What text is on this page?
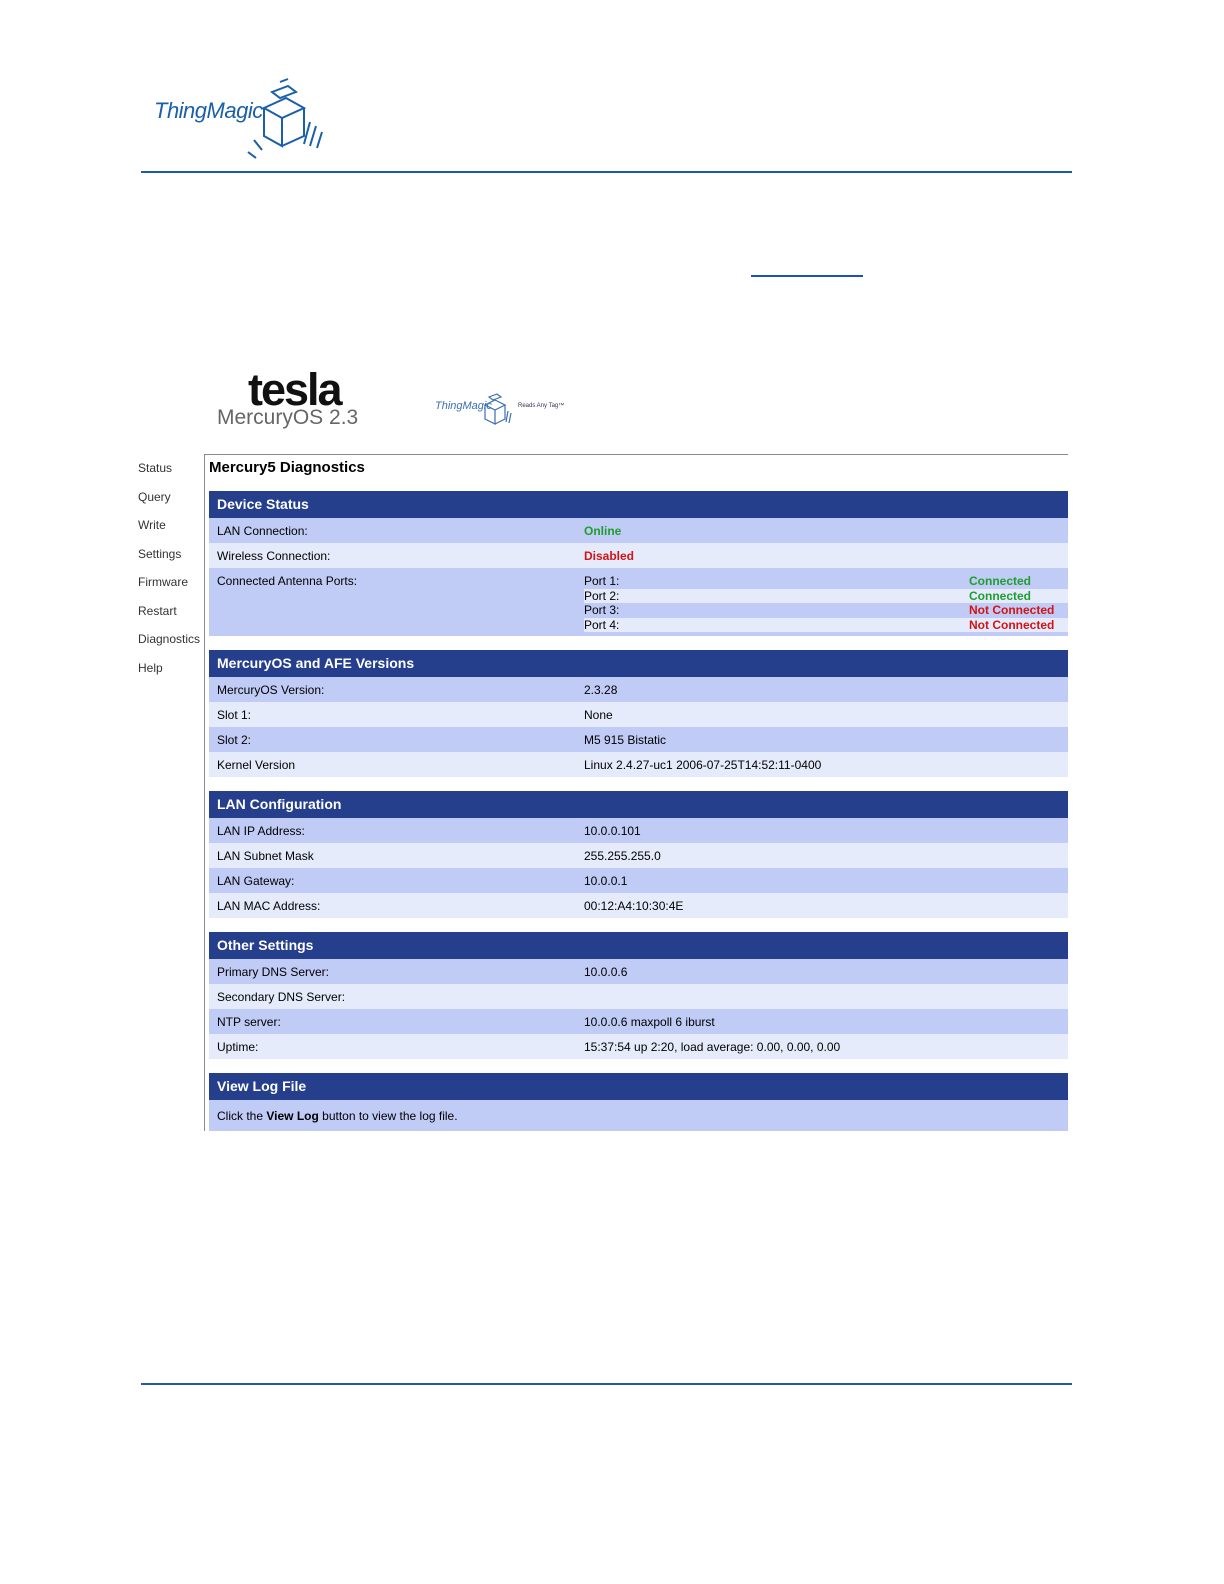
ThingMagic
tesla
MercuryOS 2.3	ThingMagic	Reads Any Tag™
Status
Query
Write
Settings
Firmware
Restart
Diagnostics
Help
Mercury5 Diagnostics
Device Status
LAN Connection:	Online
Wireless Connection:	Disabled
Connected Antenna Ports:	Port 1:	Connected
Port 2:	Connected
Port 3:	Not Connected
Port 4:	Not Connected
MercuryOS and AFE Versions
MercuryOS Version:	2.3.28
Slot 1:	None
Slot 2:	M5 915 Bistatic
Kernel Version	Linux 2.4.27-uc1 2006-07-25T14:52:11-0400
LAN Configuration
LAN IP Address:	10.0.0.101
LAN Subnet Mask	255.255.255.0
LAN Gateway:	10.0.0.1
LAN MAC Address:	00:12:A4:10:30:4E
Other Settings
Primary DNS Server:	10.0.0.6
Secondary DNS Server:
NTP server:	10.0.0.6 maxpoll 6 iburst
Uptime:	15:37:54 up 2:20, load average: 0.00, 0.00, 0.00
View Log File
Click the View Log button to view the log file.
